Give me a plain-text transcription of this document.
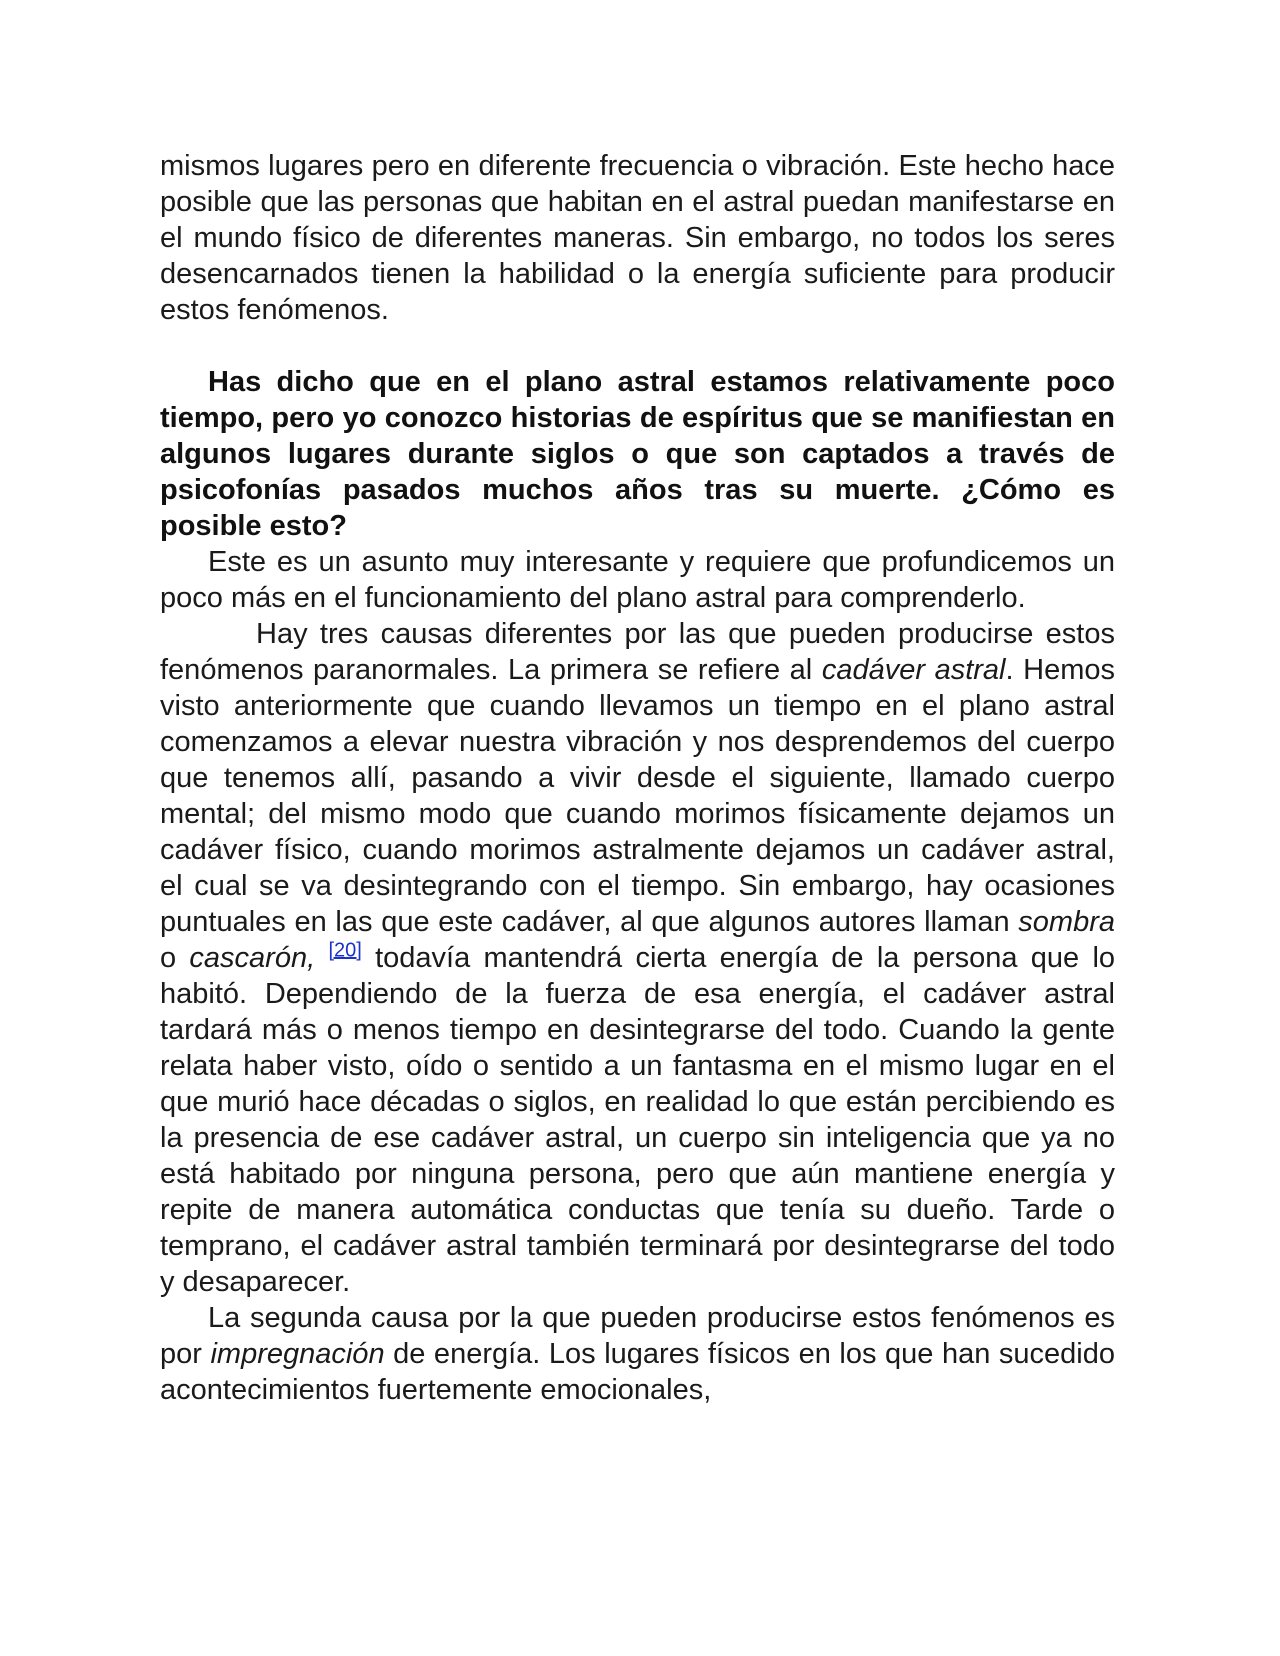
mismos lugares pero en diferente frecuencia o vibración. Este hecho hace posible que las personas que habitan en el astral puedan manifestarse en el mundo físico de diferentes maneras. Sin embargo, no todos los seres desencarnados tienen la habilidad o la energía suficiente para producir estos fenómenos.

Has dicho que en el plano astral estamos relativamente poco tiempo, pero yo conozco historias de espíritus que se manifiestan en algunos lugares durante siglos o que son captados a través de psicofonías pasados muchos años tras su muerte. ¿Cómo es posible esto?

Este es un asunto muy interesante y requiere que profundicemos un poco más en el funcionamiento del plano astral para comprenderlo.

Hay tres causas diferentes por las que pueden producirse estos fenómenos paranormales. La primera se refiere al cadáver astral. Hemos visto anteriormente que cuando llevamos un tiempo en el plano astral comenzamos a elevar nuestra vibración y nos desprendemos del cuerpo que tenemos allí, pasando a vivir desde el siguiente, llamado cuerpo mental; del mismo modo que cuando morimos físicamente dejamos un cadáver físico, cuando morimos astralmente dejamos un cadáver astral, el cual se va desintegrando con el tiempo. Sin embargo, hay ocasiones puntuales en las que este cadáver, al que algunos autores llaman sombra o cascarón, [20] todavía mantendrá cierta energía de la persona que lo habitó. Dependiendo de la fuerza de esa energía, el cadáver astral tardará más o menos tiempo en desintegrarse del todo. Cuando la gente relata haber visto, oído o sentido a un fantasma en el mismo lugar en el que murió hace décadas o siglos, en realidad lo que están percibiendo es la presencia de ese cadáver astral, un cuerpo sin inteligencia que ya no está habitado por ninguna persona, pero que aún mantiene energía y repite de manera automática conductas que tenía su dueño. Tarde o temprano, el cadáver astral también terminará por desintegrarse del todo y desaparecer.

La segunda causa por la que pueden producirse estos fenómenos es por impregnación de energía. Los lugares físicos en los que han sucedido acontecimientos fuertemente emocionales,
